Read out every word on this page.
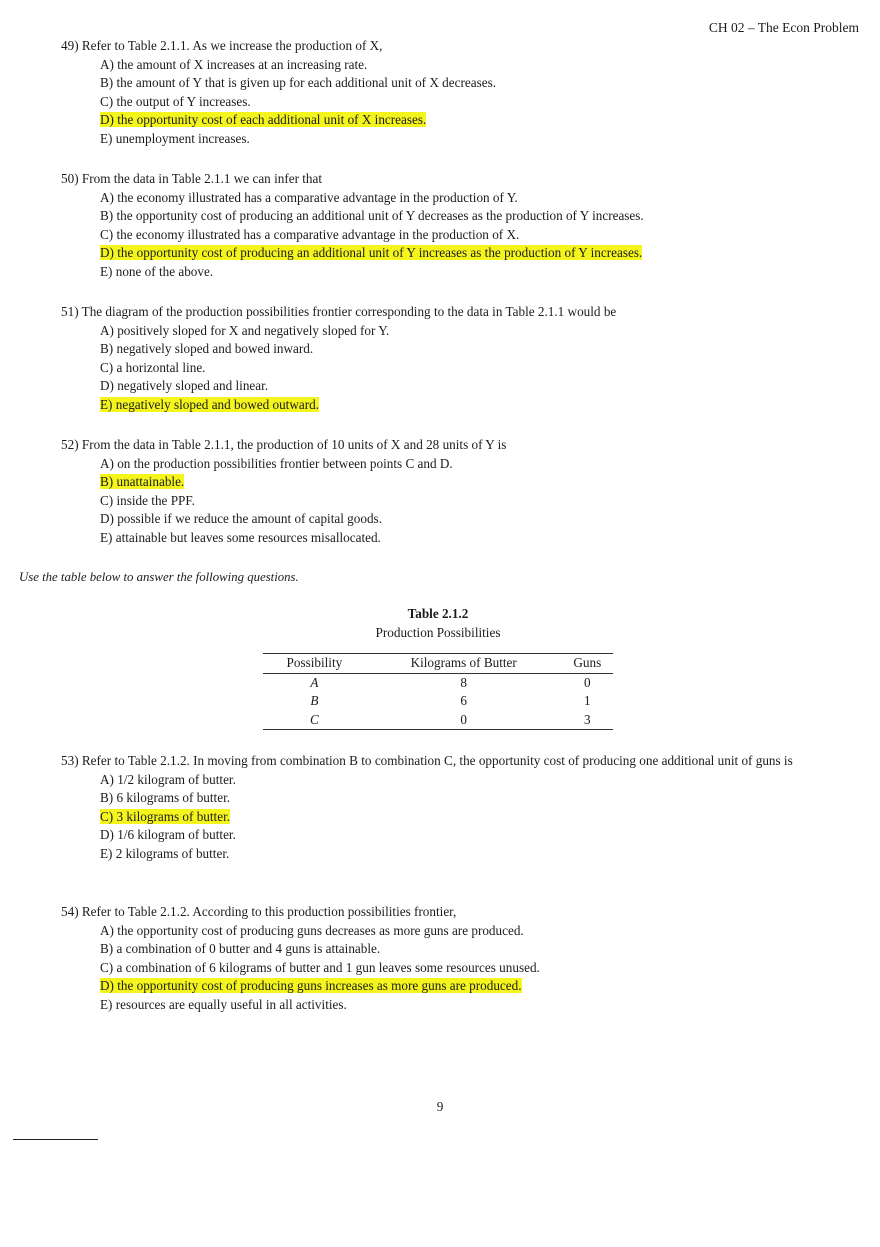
CH 02 – The Econ Problem
49) Refer to Table 2.1.1. As we increase the production of X,
A) the amount of X increases at an increasing rate.
B) the amount of Y that is given up for each additional unit of X decreases.
C) the output of Y increases.
D) the opportunity cost of each additional unit of X increases.
E) unemployment increases.
50) From the data in Table 2.1.1 we can infer that
A) the economy illustrated has a comparative advantage in the production of Y.
B) the opportunity cost of producing an additional unit of Y decreases as the production of Y increases.
C) the economy illustrated has a comparative advantage in the production of X.
D) the opportunity cost of producing an additional unit of Y increases as the production of Y increases.
E) none of the above.
51) The diagram of the production possibilities frontier corresponding to the data in Table 2.1.1 would be
A) positively sloped for X and negatively sloped for Y.
B) negatively sloped and bowed inward.
C) a horizontal line.
D) negatively sloped and linear.
E) negatively sloped and bowed outward.
52) From the data in Table 2.1.1, the production of 10 units of X and 28 units of Y is
A) on the production possibilities frontier between points C and D.
B) unattainable.
C) inside the PPF.
D) possible if we reduce the amount of capital goods.
E) attainable but leaves some resources misallocated.
Use the table below to answer the following questions.
Table 2.1.2
Production Possibilities
Possibility	Kilograms of Butter	Guns
A	8	0
B	6	1
C	0	3
53) Refer to Table 2.1.2. In moving from combination B to combination C, the opportunity cost of producing one additional unit of guns is
A) 1/2 kilogram of butter.
B) 6 kilograms of butter.
C) 3 kilograms of butter.
D) 1/6 kilogram of butter.
E) 2 kilograms of butter.
54) Refer to Table 2.1.2. According to this production possibilities frontier,
A) the opportunity cost of producing guns decreases as more guns are produced.
B) a combination of 0 butter and 4 guns is attainable.
C) a combination of 6 kilograms of butter and 1 gun leaves some resources unused.
D) the opportunity cost of producing guns increases as more guns are produced.
E) resources are equally useful in all activities.
9
